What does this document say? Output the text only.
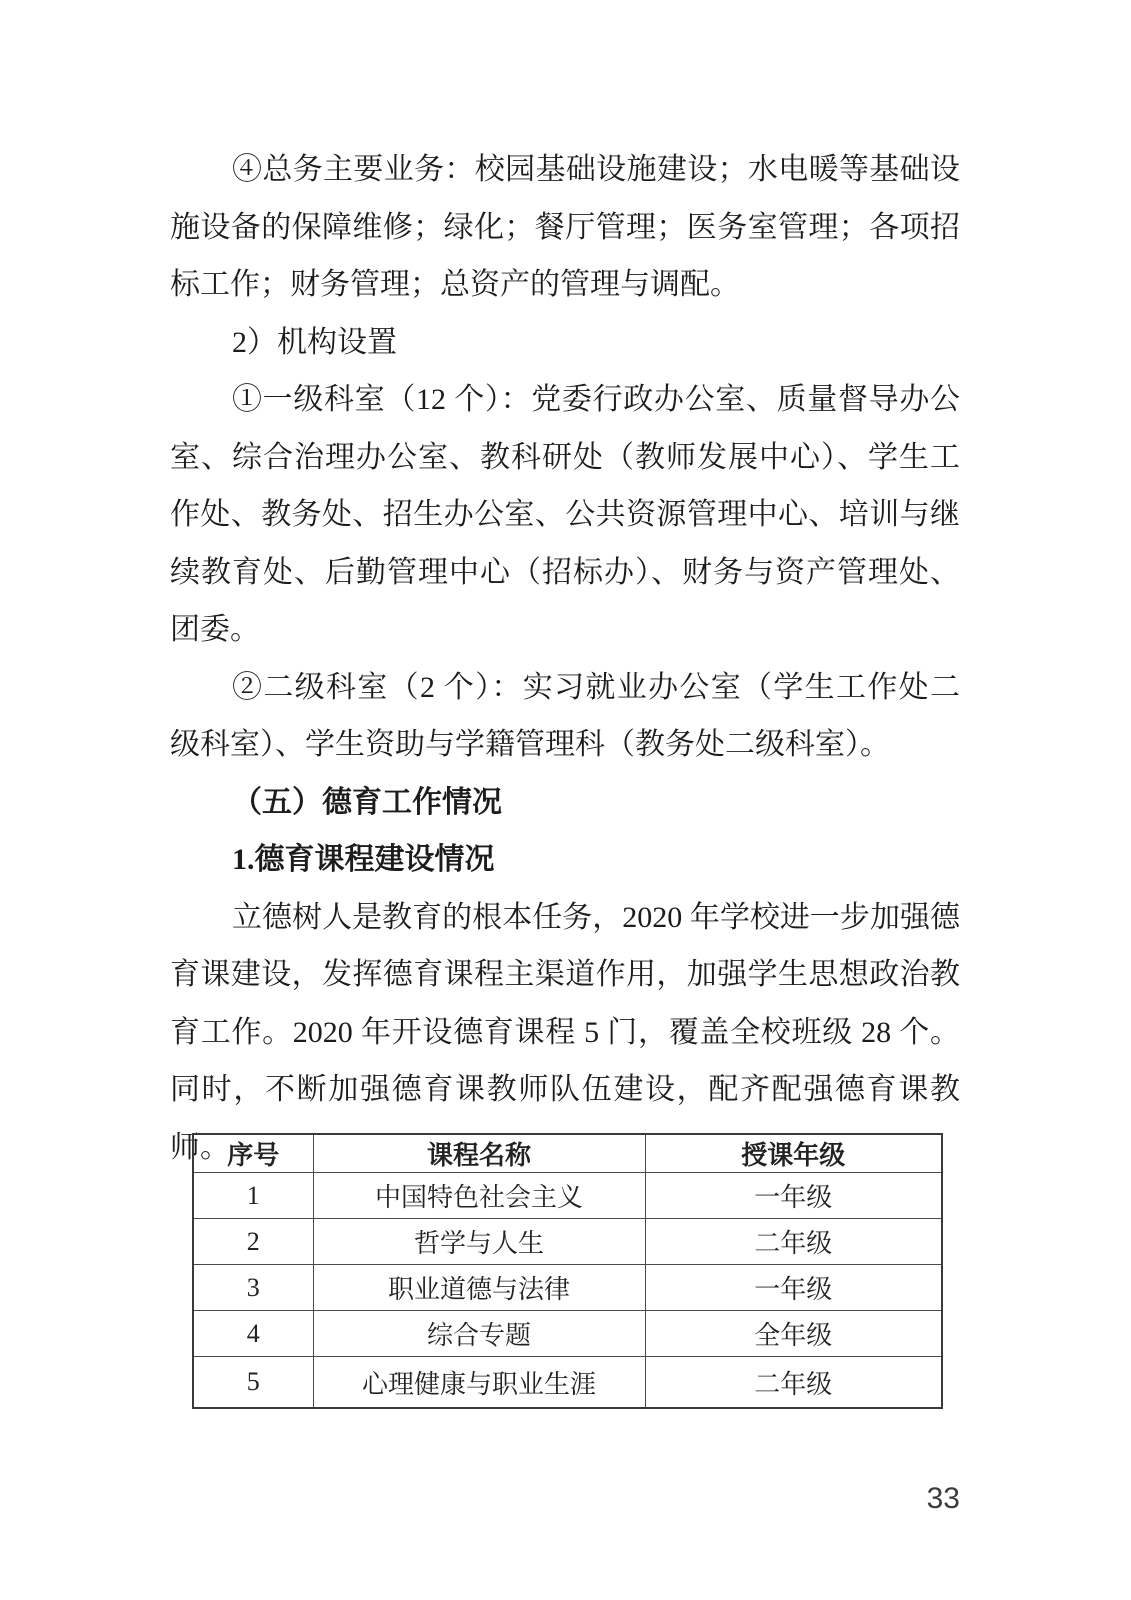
④总务主要业务：校园基础设施建设；水电暖等基础设
施设备的保障维修；绿化；餐厅管理；医务室管理；各项招
标工作；财务管理；总资产的管理与调配。
2）机构设置
①一级科室（12 个）：党委行政办公室、质量督导办公
室、综合治理办公室、教科研处（教师发展中心）、学生工
作处、教务处、招生办公室、公共资源管理中心、培训与继
续教育处、后勤管理中心（招标办）、财务与资产管理处、
团委。
②二级科室（2 个）：实习就业办公室（学生工作处二
级科室）、学生资助与学籍管理科（教务处二级科室）。
（五）德育工作情况
1.德育课程建设情况
立德树人是教育的根本任务，2020 年学校进一步加强德
育课建设，发挥德育课程主渠道作用，加强学生思想政治教
育工作。2020 年开设德育课程 5 门，覆盖全校班级 28 个。
同时，不断加强德育课教师队伍建设，配齐配强德育课教师。
序号	课程名称	授课年级
1	中国特色社会主义	一年级
2	哲学与人生	二年级
3	职业道德与法律	一年级
4	综合专题	全年级
5	心理健康与职业生涯	二年级
33
